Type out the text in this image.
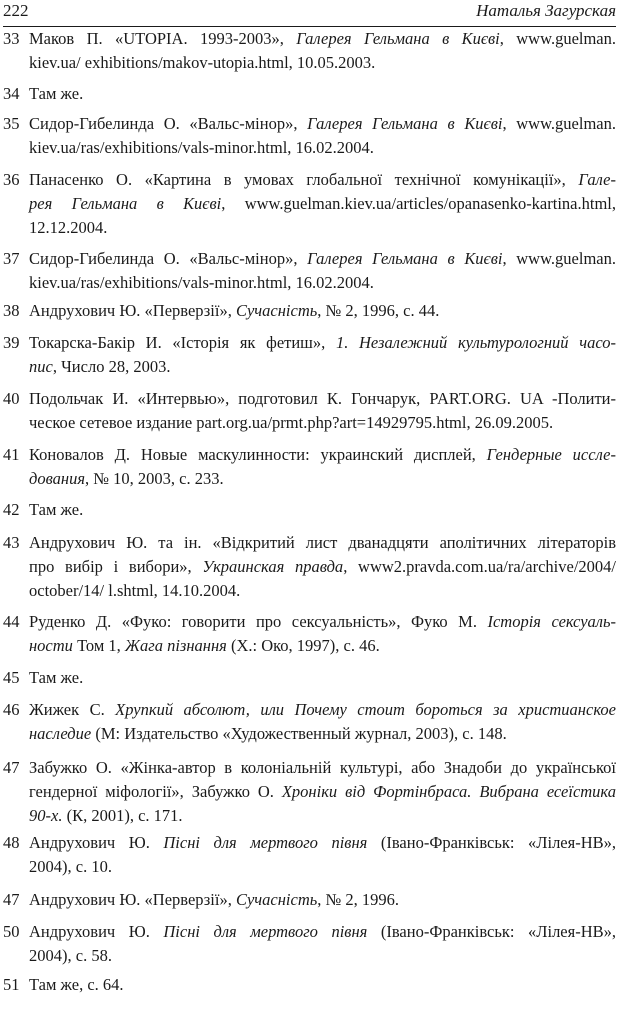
222	Наталья Загурская
33 Маков П. «UTOPIA. 1993-2003», Галерея Гельмана в Києві, www.guelman.
kiev.ua/ exhibitions/makov-utopia.html, 10.05.2003.
34 Там же.
35 Сидор-Гибелинда О. «Вальс-мінор», Галерея Гельмана в Києві, www.guelman.
kiev.ua/ras/exhibitions/vals-minor.html, 16.02.2004.
36 Панасенко О. «Картина в умовах глобальної технічної комунікації», Гале-
рея Гельмана в Києві, www.guelman.kiev.ua/articles/opanasenko-kartina.html,
12.12.2004.
37 Сидор-Гибелинда О. «Вальс-мінор», Галерея Гельмана в Києві, www.guelman.
kiev.ua/ras/exhibitions/vals-minor.html, 16.02.2004.
38 Андрухович Ю. «Перверзії», Сучасність, № 2, 1996, с. 44.
39 Токарска-Бакір И. «Історія як фетиш», 1. Незалежний культурологний часо-
пис, Число 28, 2003.
40 Подольчак И. «Интервью», подготовил К. Гончарук, PART.ORG. UA -Полити-
ческое сетевое издание part.org.ua/prmt.php?art=14929795.html, 26.09.2005.
41 Коновалов Д. Новые маскулинности: украинский дисплей, Гендерные иссле-
дования, № 10, 2003, с. 233.
42 Там же.
43 Андрухович Ю. та ін. «Відкритий лист дванадцяти аполітичних літераторів
про вибір і вибори», Украинская правда, www2.pravda.com.ua/ra/archive/2004/
october/14/ l.shtml, 14.10.2004.
44 Руденко Д. «Фуко: говорити про сексуальність», Фуко М. Історія сексуаль-
ности Том 1, Жага пізнання (Х.: Око, 1997), с. 46.
45 Там же.
46 Жижек С. Хрупкий абсолют, или Почему стоит бороться за христианское
наследие (М: Издательство «Художественный журнал, 2003), с. 148.
47 Забужко О. «Жінка-автор в колоніальній культурі, або Знадоби до української
гендерної міфології», Забужко О. Хроніки від Фортінбраса. Вибрана есеїстика
90-х. (К, 2001), с. 171.
48 Андрухович Ю. Пісні для мертвого півня (Івано-Франківськ: «Лілея-НВ»,
2004), с. 10.
47 Андрухович Ю. «Перверзії», Сучасність, № 2, 1996.
50 Андрухович Ю. Пісні для мертвого півня (Івано-Франківськ: «Лілея-НВ»,
2004), с. 58.
51 Там же, с. 64.
